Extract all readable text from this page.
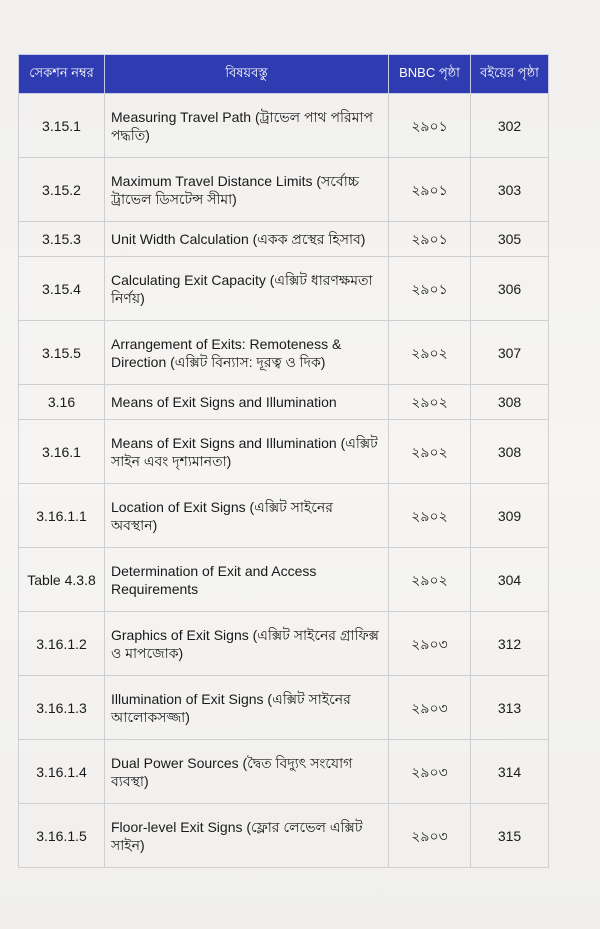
সেকশন নম্বর	বিষয়বস্তু	BNBC পৃষ্ঠা	বইয়ের পৃষ্ঠা
3.15.1	Measuring Travel Path (ট্রাভেল পাথ পরিমাপ পদ্ধতি)	২৯০১	302
3.15.2	Maximum Travel Distance Limits (সর্বোচ্চ ট্রাভেল ডিসটেন্স সীমা)	২৯০১	303
3.15.3	Unit Width Calculation (একক প্রস্থের হিসাব)	২৯০১	305
3.15.4	Calculating Exit Capacity (এক্সিট ধারণক্ষমতা নির্ণয়)	২৯০১	306
3.15.5	Arrangement of Exits: Remoteness & Direction (এক্সিট বিন্যাস: দূরত্ব ও দিক)	২৯০২	307
3.16	Means of Exit Signs and Illumination	২৯০২	308
3.16.1	Means of Exit Signs and Illumination (এক্সিট সাইন এবং দৃশ্যমানতা)	২৯০২	308
3.16.1.1	Location of Exit Signs (এক্সিট সাইনের অবস্থান)	২৯০২	309
Table 4.3.8	Determination of Exit and Access Requirements	২৯০২	304
3.16.1.2	Graphics of Exit Signs (এক্সিট সাইনের গ্রাফিক্স ও মাপজোক)	২৯০৩	312
3.16.1.3	Illumination of Exit Signs (এক্সিট সাইনের আলোকসজ্জা)	২৯০৩	313
3.16.1.4	Dual Power Sources (দ্বৈত বিদ্যুৎ সংযোগ ব্যবস্থা)	২৯০৩	314
3.16.1.5	Floor-level Exit Signs (ফ্লোর লেভেল এক্সিট সাইন)	২৯০৩	315
